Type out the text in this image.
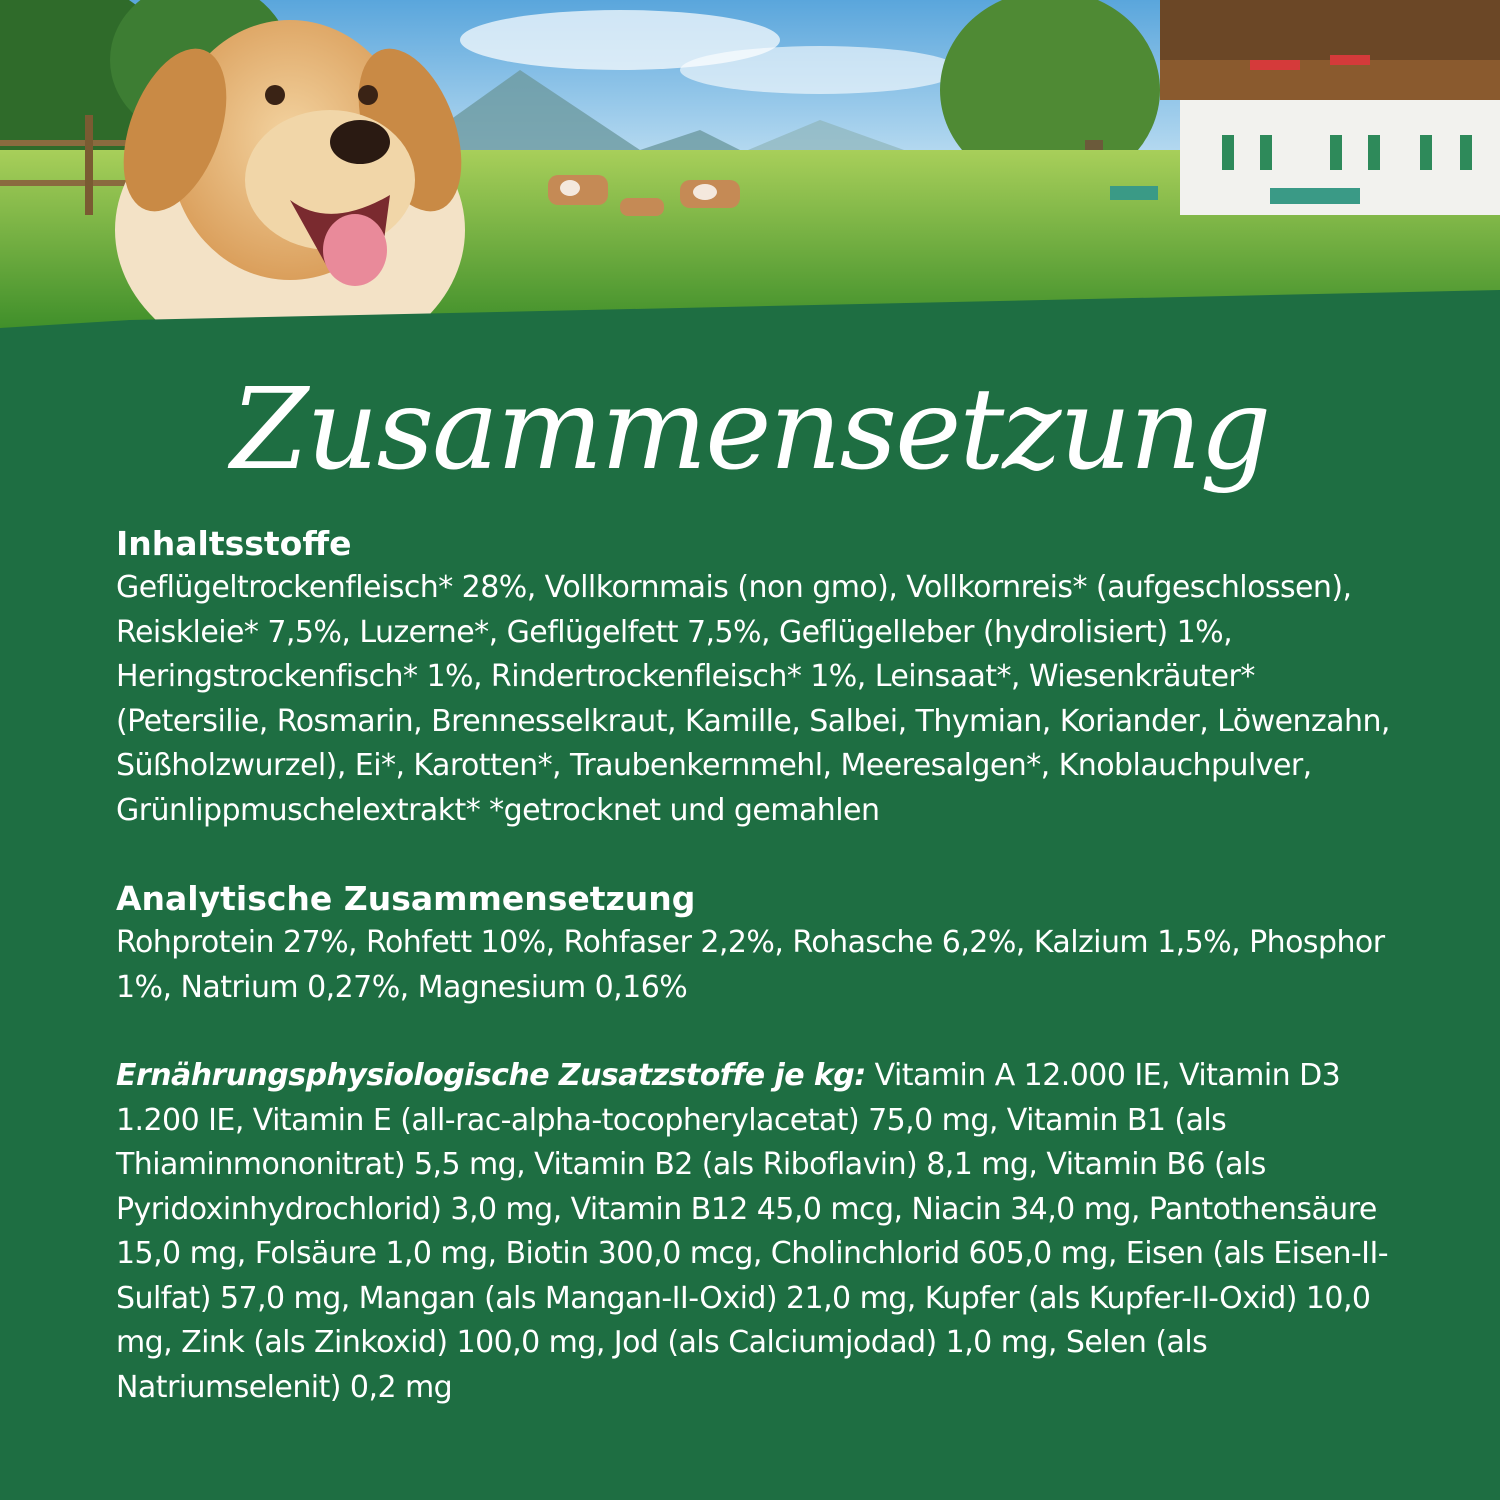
Zusammensetzung

Inhaltsstoffe

Geflügeltrockenfleisch* 28%, Vollkornmais (non gmo), Vollkornreis* (aufgeschlossen), Reiskleie* 7,5%, Luzerne*, Geflügelfett 7,5%, Geflügelleber (hydrolisiert) 1%, Heringstrockenfisch* 1%, Rindertrockenfleisch* 1%, Leinsaat*, Wiesenkräuter* (Petersilie, Rosmarin, Brennesselkraut, Kamille, Salbei, Thymian, Koriander, Löwenzahn, Süßholzwurzel), Ei*, Karotten*, Traubenkernmehl, Meeresalgen*, Knoblauchpulver, Grünlippmuschelextrakt* *getrocknet und gemahlen

Analytische Zusammensetzung

Rohprotein 27%, Rohfett 10%, Rohfaser 2,2%, Rohasche 6,2%, Kalzium 1,5%, Phosphor 1%, Natrium 0,27%, Magnesium 0,16%

Ernährungsphysiologische Zusatzstoffe je kg: Vitamin A 12.000 IE, Vitamin D3 1.200 IE, Vitamin E (all-rac-alpha-tocopherylacetat) 75,0 mg, Vitamin B1 (als Thiaminmononitrat) 5,5 mg, Vitamin B2 (als Riboflavin) 8,1 mg, Vitamin B6 (als Pyridoxinhydrochlorid) 3,0 mg, Vitamin B12 45,0 mcg, Niacin 34,0 mg, Pantothensäure 15,0 mg, Folsäure 1,0 mg, Biotin 300,0 mcg, Cholinchlorid 605,0 mg, Eisen (als Eisen-II-Sulfat) 57,0 mg, Mangan (als Mangan-II-Oxid) 21,0 mg, Kupfer (als Kupfer-II-Oxid) 10,0 mg, Zink (als Zinkoxid) 100,0 mg, Jod (als Calciumjodad) 1,0 mg, Selen (als Natriumselenit) 0,2 mg
